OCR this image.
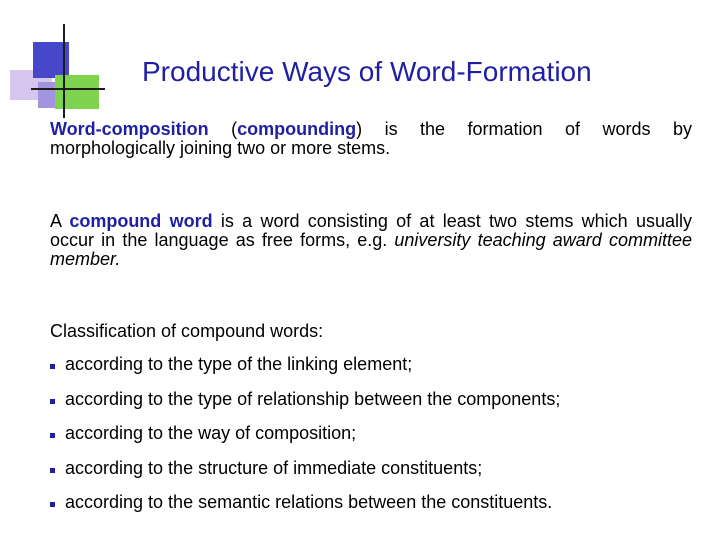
Productive Ways of Word-Formation
Word-composition (compounding) is the formation of words by morphologically joining two or more stems.
A compound word is a word consisting of at least two stems which usually occur in the language as free forms, e.g. university teaching award committee member.
Classification of compound words:
according to the type of the linking element;
according to the type of relationship between the components;
according to the way of composition;
according to the structure of immediate constituents;
according to the semantic relations between the constituents.
